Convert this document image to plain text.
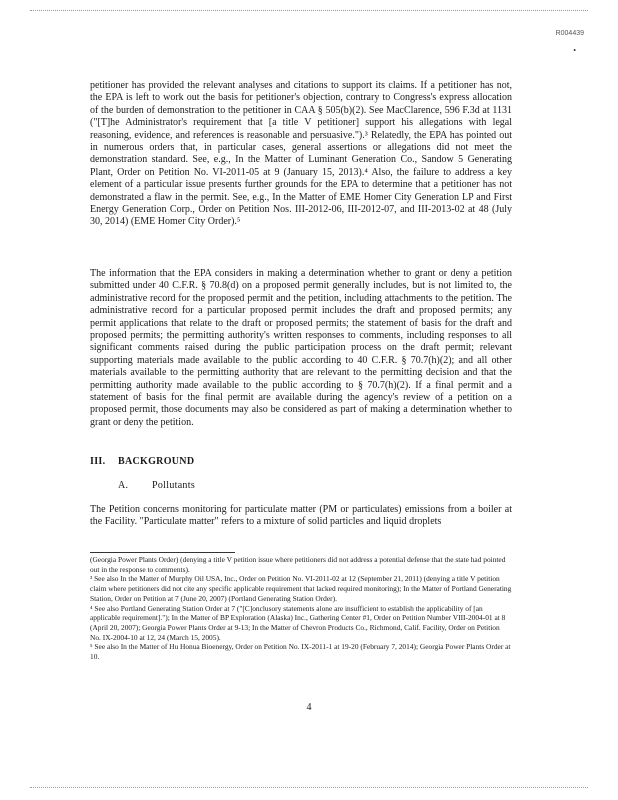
R004439
•
petitioner has provided the relevant analyses and citations to support its claims. If a petitioner has not, the EPA is left to work out the basis for petitioner's objection, contrary to Congress's express allocation of the burden of demonstration to the petitioner in CAA § 505(b)(2). See MacClarence, 596 F.3d at 1131 ("[T]he Administrator's requirement that [a title V petitioner] support his allegations with legal reasoning, evidence, and references is reasonable and persuasive.").³ Relatedly, the EPA has pointed out in numerous orders that, in particular cases, general assertions or allegations did not meet the demonstration standard. See, e.g., In the Matter of Luminant Generation Co., Sandow 5 Generating Plant, Order on Petition No. VI-2011-05 at 9 (January 15, 2013).⁴ Also, the failure to address a key element of a particular issue presents further grounds for the EPA to determine that a petitioner has not demonstrated a flaw in the permit. See, e.g., In the Matter of EME Homer City Generation LP and First Energy Generation Corp., Order on Petition Nos. III-2012-06, III-2012-07, and III-2013-02 at 48 (July 30, 2014) (EME Homer City Order).⁵
The information that the EPA considers in making a determination whether to grant or deny a petition submitted under 40 C.F.R. § 70.8(d) on a proposed permit generally includes, but is not limited to, the administrative record for the proposed permit and the petition, including attachments to the petition. The administrative record for a particular proposed permit includes the draft and proposed permits; any permit applications that relate to the draft or proposed permits; the statement of basis for the draft and proposed permits; the permitting authority's written responses to comments, including responses to all significant comments raised during the public participation process on the draft permit; relevant supporting materials made available to the public according to 40 C.F.R. § 70.7(h)(2); and all other materials available to the permitting authority that are relevant to the permitting decision and that the permitting authority made available to the public according to § 70.7(h)(2). If a final permit and a statement of basis for the final permit are available during the agency's review of a petition on a proposed permit, those documents may also be considered as part of making a determination whether to grant or deny the petition.
III. BACKGROUND
A. Pollutants
The Petition concerns monitoring for particulate matter (PM or particulates) emissions from a boiler at the Facility. "Particulate matter" refers to a mixture of solid particles and liquid droplets

(Georgia Power Plants Order) (denying a title V petition issue where petitioners did not address a potential defense that the state had pointed out in the response to comments).

³ See also In the Matter of Murphy Oil USA, Inc., Order on Petition No. VI-2011-02 at 12 (September 21, 2011) (denying a title V petition claim where petitioners did not cite any specific applicable requirement that lacked required monitoring); In the Matter of Portland Generating Station, Order on Petition at 7 (June 20, 2007) (Portland Generating Station Order).

⁴ See also Portland Generating Station Order at 7 ("[C]onclusory statements alone are insufficient to establish the applicability of [an applicable requirement]."); In the Matter of BP Exploration (Alaska) Inc., Gathering Center #1, Order on Petition Number VIII-2004-01 at 8 (April 20, 2007); Georgia Power Plants Order at 9-13; In the Matter of Chevron Products Co., Richmond, Calif. Facility, Order on Petition No. IX-2004-10 at 12, 24 (March 15, 2005).

⁵ See also In the Matter of Hu Honua Bioenergy, Order on Petition No. IX-2011-1 at 19-20 (February 7, 2014); Georgia Power Plants Order at 10.

4
